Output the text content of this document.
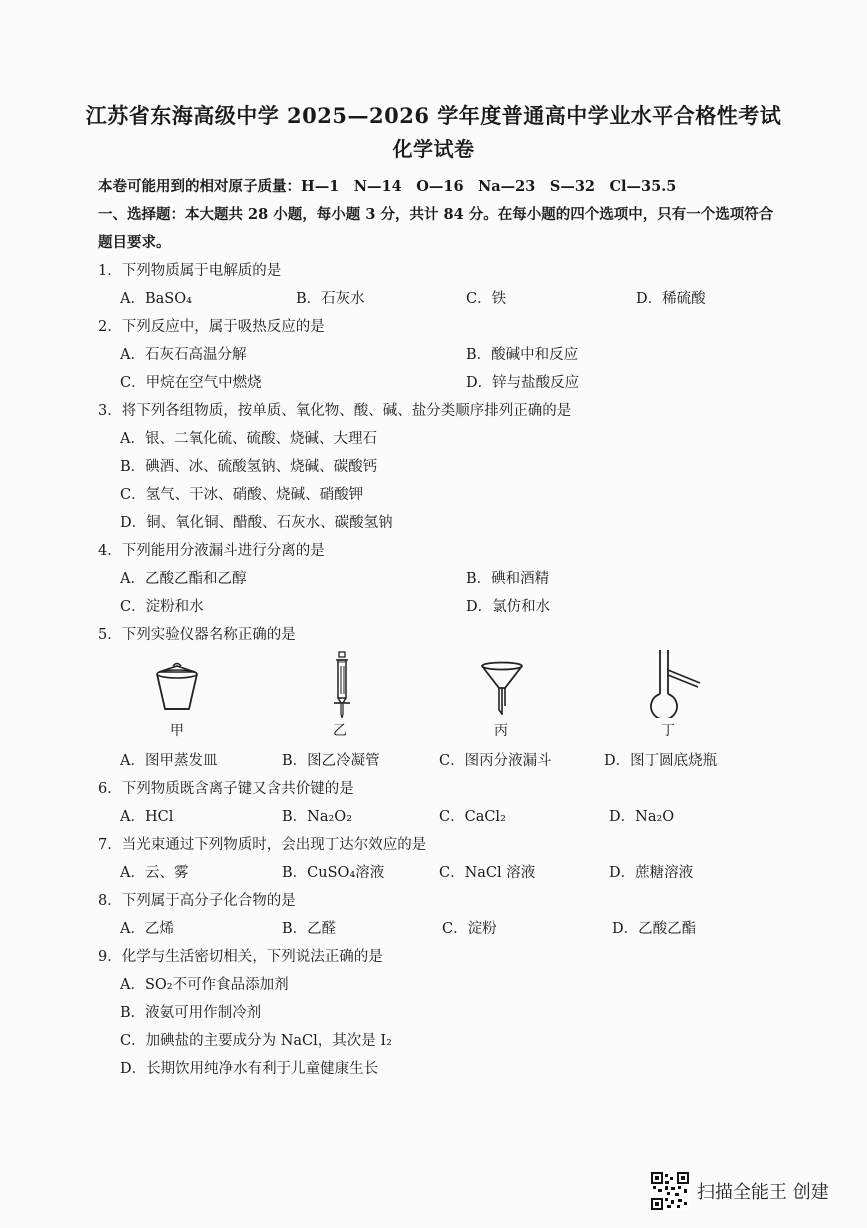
江苏省东海高级中学 2025—2026 学年度普通高中学业水平合格性考试
化学试卷
本卷可能用到的相对原子质量：H—1　N—14　O—16　Na—23　S—32　Cl—35.5
一、选择题：本大题共 28 小题，每小题 3 分，共计 84 分。在每小题的四个选项中，只有一个选项符合
题目要求。
1．下列物质属于电解质的是
A．BaSO₄	B．石灰水	C．铁	D．稀硫酸
2．下列反应中，属于吸热反应的是
A．石灰石高温分解	B．酸碱中和反应
C．甲烷在空气中燃烧	D．锌与盐酸反应
3．将下列各组物质，按单质、氧化物、酸、碱、盐分类顺序排列正确的是
A．银、二氧化硫、硫酸、烧碱、大理石
B．碘酒、冰、硫酸氢钠、烧碱、碳酸钙
C．氢气、干冰、硝酸、烧碱、硝酸钾
D．铜、氧化铜、醋酸、石灰水、碳酸氢钠
4．下列能用分液漏斗进行分离的是
A．乙酸乙酯和乙醇	B．碘和酒精
C．淀粉和水	D．氯仿和水
5．下列实验仪器名称正确的是
甲	乙	丙	丁
A．图甲蒸发皿	B．图乙冷凝管	C．图丙分液漏斗	D．图丁圆底烧瓶
6．下列物质既含离子键又含共价键的是
A．HCl	B．Na₂O₂	C．CaCl₂	D．Na₂O
7．当光束通过下列物质时，会出现丁达尔效应的是
A．云、雾	B．CuSO₄溶液	C．NaCl 溶液	D．蔗糖溶液
8．下列属于高分子化合物的是
A．乙烯	B．乙醛	C．淀粉	D．乙酸乙酯
9．化学与生活密切相关，下列说法正确的是
A．SO₂不可作食品添加剂
B．液氨可用作制冷剂
C．加碘盐的主要成分为 NaCl，其次是 I₂
D．长期饮用纯净水有利于儿童健康生长
扫描全能王 创建
